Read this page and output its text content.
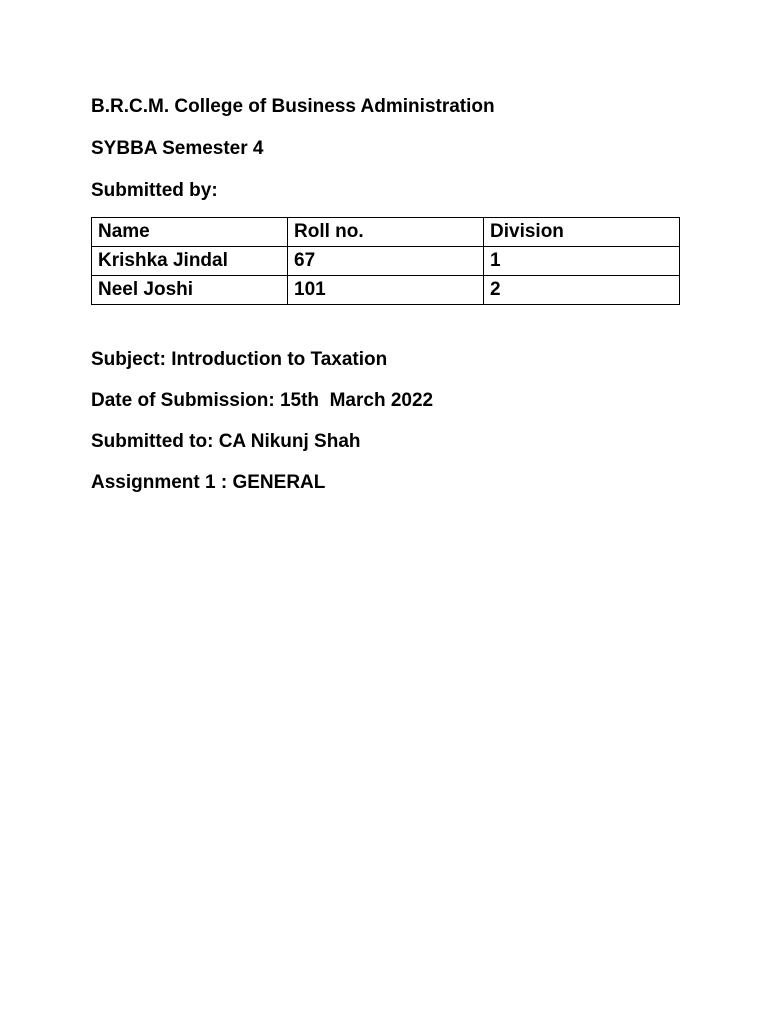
B.R.C.M. College of Business Administration
SYBBA Semester 4
Submitted by:
Name	Roll no.	Division
Krishka Jindal	67	1
Neel Joshi	101	2
Subject: Introduction to Taxation
Date of Submission: 15th  March 2022
Submitted to: CA Nikunj Shah
Assignment 1 : GENERAL
